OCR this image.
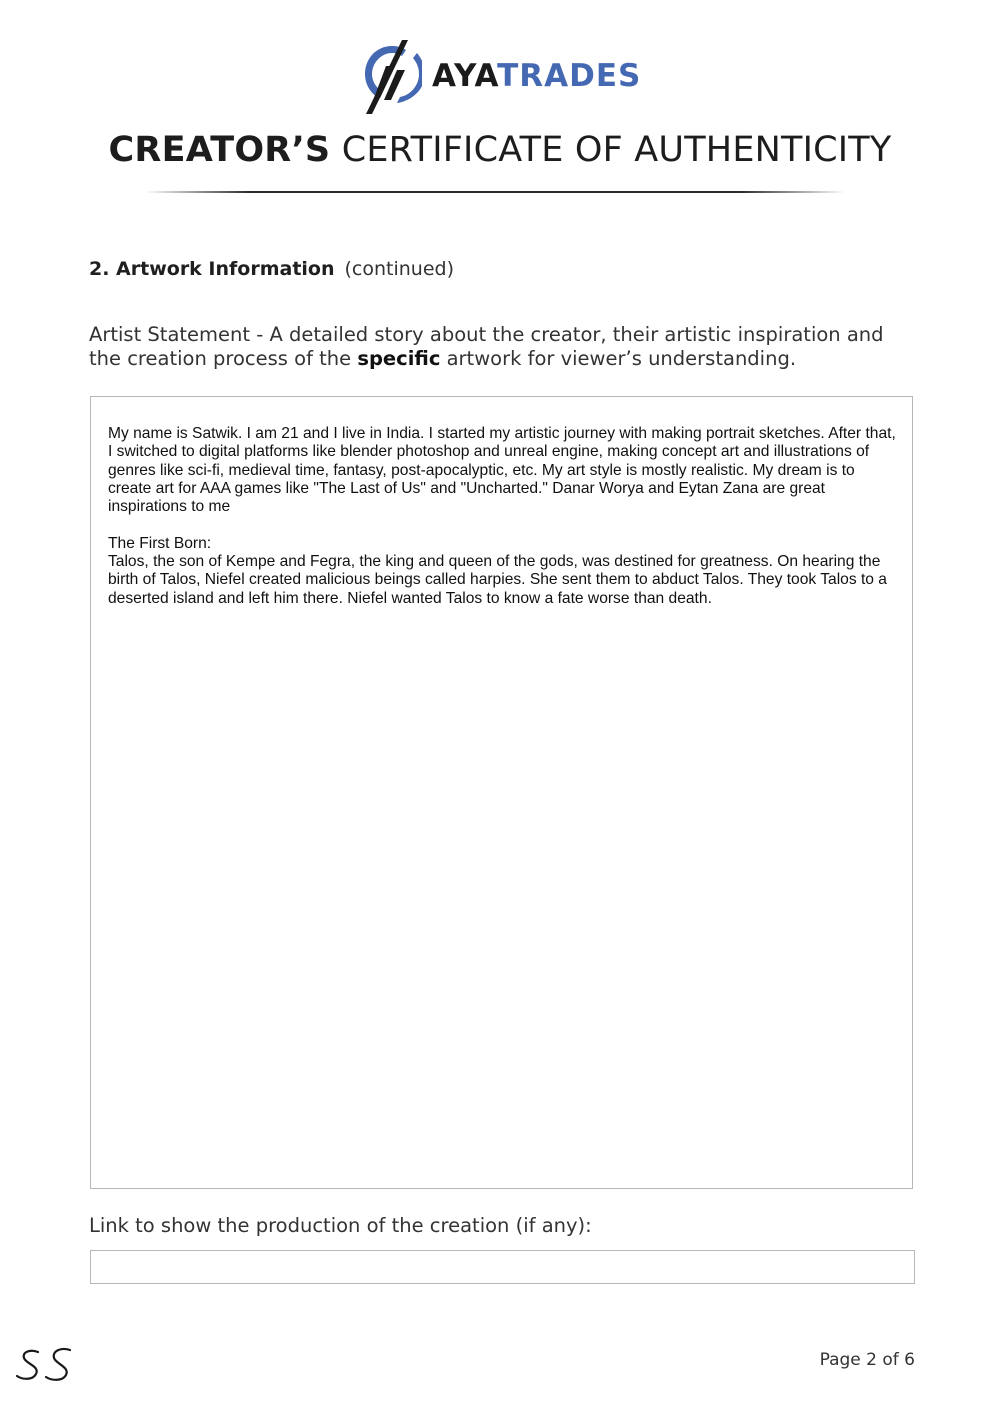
AYATRADES
CREATOR’S CERTIFICATE OF AUTHENTICITY
2. Artwork Information (continued)
Artist Statement - A detailed story about the creator, their artistic inspiration and the creation process of the specific artwork for viewer’s understanding.
My name is Satwik. I am 21 and I live in India. I started my artistic journey with making portrait sketches. After that, I switched to digital platforms like blender photoshop and unreal engine, making concept art and illustrations of genres like sci-fi, medieval time, fantasy, post-apocalyptic, etc. My art style is mostly realistic. My dream is to create art for AAA games like "The Last of Us" and "Uncharted." Danar Worya and Eytan Zana are great inspirations to me

The First Born:
Talos, the son of Kempe and Fegra, the king and queen of the gods, was destined for greatness. On hearing the birth of Talos, Niefel created malicious beings called harpies. She sent them to abduct Talos. They took Talos to a deserted island and left him there. Niefel wanted Talos to know a fate worse than death.
Link to show the production of the creation (if any):
Page 2 of 6
